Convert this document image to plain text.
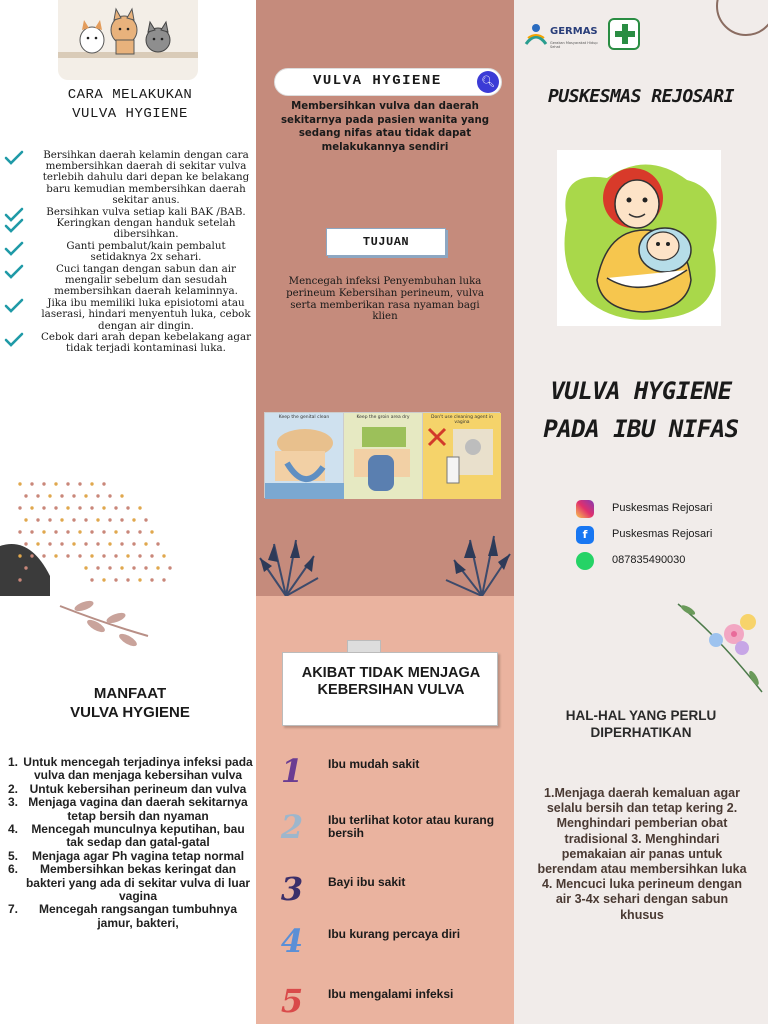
CARA MELAKUKAN
VULVA HYGIENE
Bersihkan daerah kelamin dengan cara membersihkan daerah di sekitar vulva terlebih dahulu dari depan ke belakang baru kemudian membersihkan daerah sekitar anus.
Bersihkan vulva setiap kali BAK /BAB.
Keringkan dengan handuk setelah dibersihkan.
Ganti pembalut/kain pembalut setidaknya 2x sehari.
Cuci tangan dengan sabun dan air mengalir sebelum dan sesudah membersihkan daerah kelaminnya.
Jika ibu memiliki luka episiotomi atau laserasi, hindari menyentuh luka, cebok dengan air dingin.
Cebok dari arah depan kebelakang agar tidak terjadi kontaminasi luka.
VULVA HYGIENE	🔍︎
Membersihkan vulva dan daerah sekitarnya pada pasien wanita yang sedang nifas atau tidak dapat melakukannya sendiri
TUJUAN
Mencegah infeksi Penyembuhan luka perineum Kebersihan perineum, vulva serta memberikan rasa nyaman bagi klien
Keep the genital clean	Keep the groin area dry	Don't use cleaning agent in vagina
GERMAS
Gerakan Masyarakat Hidup Sehat
PUSKESMAS REJOSARI
VULVA HYGIENE
PADA IBU NIFAS
Puskesmas Rejosari
f	Puskesmas Rejosari
087835490030
MANFAAT
VULVA HYGIENE
1. Untuk mencegah terjadinya infeksi pada vulva dan menjaga kebersihan vulva
2. Untuk kebersihan perineum dan vulva
3. Menjaga vagina dan daerah sekitarnya tetap bersih dan nyaman
4. Mencegah munculnya keputihan, bau tak sedap dan gatal-gatal
5. Menjaga agar Ph vagina tetap normal
6. Membersihkan bekas keringat dan bakteri yang ada di sekitar vulva di luar vagina
7. Mencegah rangsangan tumbuhnya jamur, bakteri,
AKIBAT TIDAK MENJAGA KEBERSIHAN VULVA
1	Ibu mudah sakit
2	Ibu terlihat kotor atau kurang bersih
3	Bayi ibu sakit
4	Ibu kurang percaya diri
5	Ibu mengalami infeksi
HAL-HAL YANG PERLU DIPERHATIKAN
1.Menjaga daerah kemaluan agar selalu bersih dan tetap kering 2. Menghindari pemberian obat tradisional 3. Menghindari pemakaian air panas untuk berendam atau membersihkan luka 4. Mencuci luka perineum dengan air 3-4x sehari dengan sabun khusus
